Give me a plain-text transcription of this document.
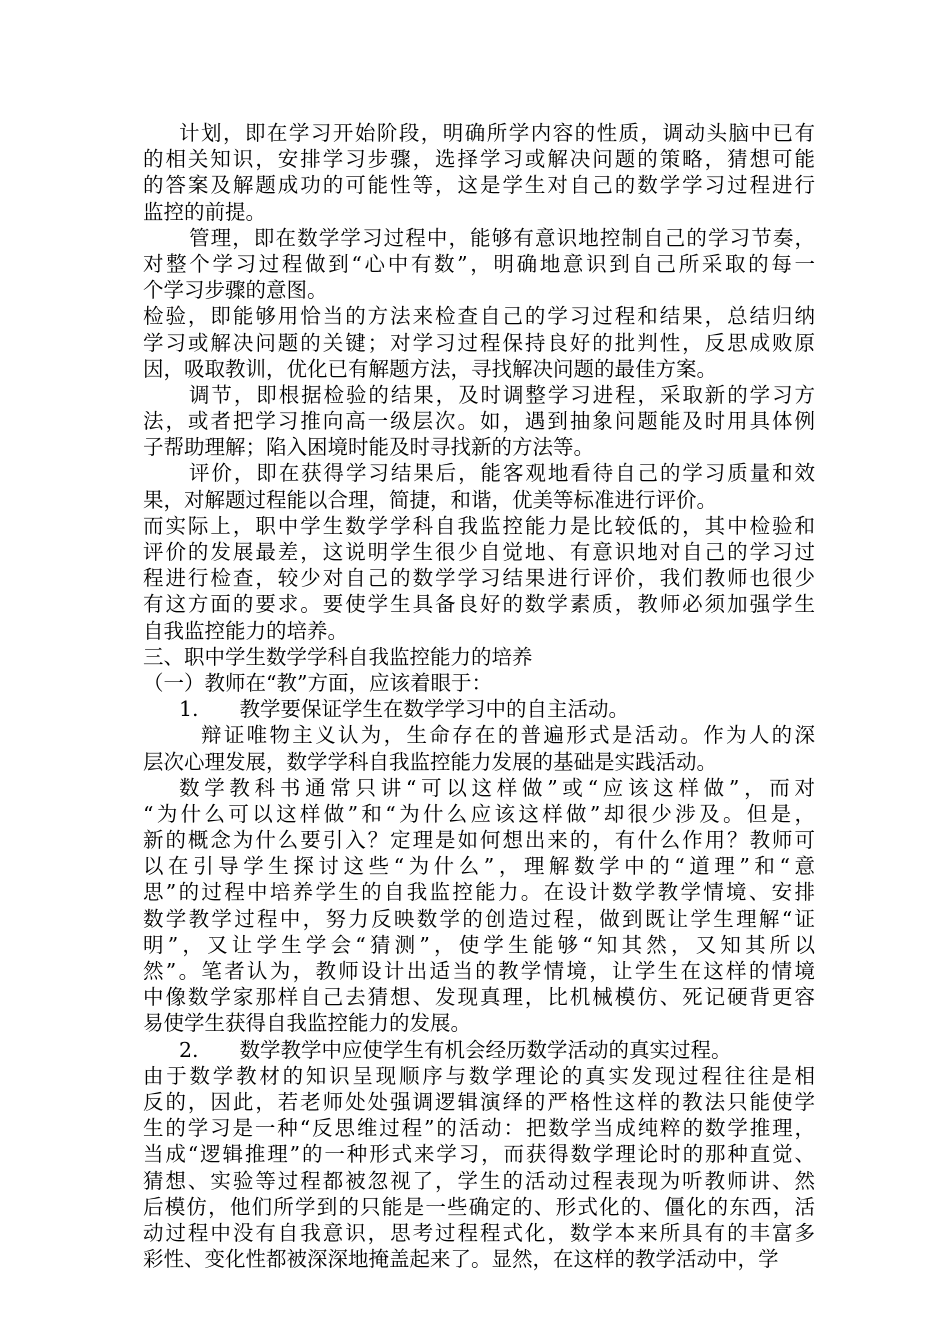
计划，即在学习开始阶段，明确所学内容的性质，调动头脑中已有
的相关知识，安排学习步骤，选择学习或解决问题的策略，猜想可能
的答案及解题成功的可能性等，这是学生对自己的数学学习过程进行
监控的前提。
管理，即在数学学习过程中，能够有意识地控制自己的学习节奏，
对整个学习过程做到“心中有数”，明确地意识到自己所采取的每一
个学习步骤的意图。
检验，即能够用恰当的方法来检查自己的学习过程和结果，总结归纳
学习或解决问题的关键；对学习过程保持良好的批判性，反思成败原
因，吸取教训，优化已有解题方法，寻找解决问题的最佳方案。
调节，即根据检验的结果，及时调整学习进程，采取新的学习方
法，或者把学习推向高一级层次。如，遇到抽象问题能及时用具体例
子帮助理解；陷入困境时能及时寻找新的方法等。
评价，即在获得学习结果后，能客观地看待自己的学习质量和效
果，对解题过程能以合理，简捷，和谐，优美等标准进行评价。
而实际上，职中学生数学学科自我监控能力是比较低的，其中检验和
评价的发展最差，这说明学生很少自觉地、有意识地对自己的学习过
程进行检查，较少对自己的数学学习结果进行评价，我们教师也很少
有这方面的要求。要使学生具备良好的数学素质，教师必须加强学生
自我监控能力的培养。
三、职中学生数学学科自我监控能力的培养
（一）教师在“教”方面，应该着眼于：
1.　　教学要保证学生在数学学习中的自主活动。
辩证唯物主义认为，生命存在的普遍形式是活动。作为人的深
层次心理发展，数学学科自我监控能力发展的基础是实践活动。
数学教科书通常只讲“可以这样做”或“应该这样做”，而对
“为什么可以这样做”和“为什么应该这样做”却很少涉及。但是，
新的概念为什么要引入？定理是如何想出来的，有什么作用？教师可
以在引导学生探讨这些“为什么”，理解数学中的“道理”和“意
思”的过程中培养学生的自我监控能力。在设计数学教学情境、安排
数学教学过程中，努力反映数学的创造过程，做到既让学生理解“证
明”，又让学生学会“猜测”，使学生能够“知其然，又知其所以
然”。笔者认为，教师设计出适当的教学情境，让学生在这样的情境
中像数学家那样自己去猜想、发现真理，比机械模仿、死记硬背更容
易使学生获得自我监控能力的发展。
2.　　数学教学中应使学生有机会经历数学活动的真实过程。
由于数学教材的知识呈现顺序与数学理论的真实发现过程往往是相
反的，因此，若老师处处强调逻辑演绎的严格性这样的教法只能使学
生的学习是一种“反思维过程”的活动：把数学当成纯粹的数学推理，
当成“逻辑推理”的一种形式来学习，而获得数学理论时的那种直觉、
猜想、实验等过程都被忽视了，学生的活动过程表现为听教师讲、然
后模仿，他们所学到的只能是一些确定的、形式化的、僵化的东西，活
动过程中没有自我意识，思考过程程式化，数学本来所具有的丰富多
彩性、变化性都被深深地掩盖起来了。显然，在这样的教学活动中，学
